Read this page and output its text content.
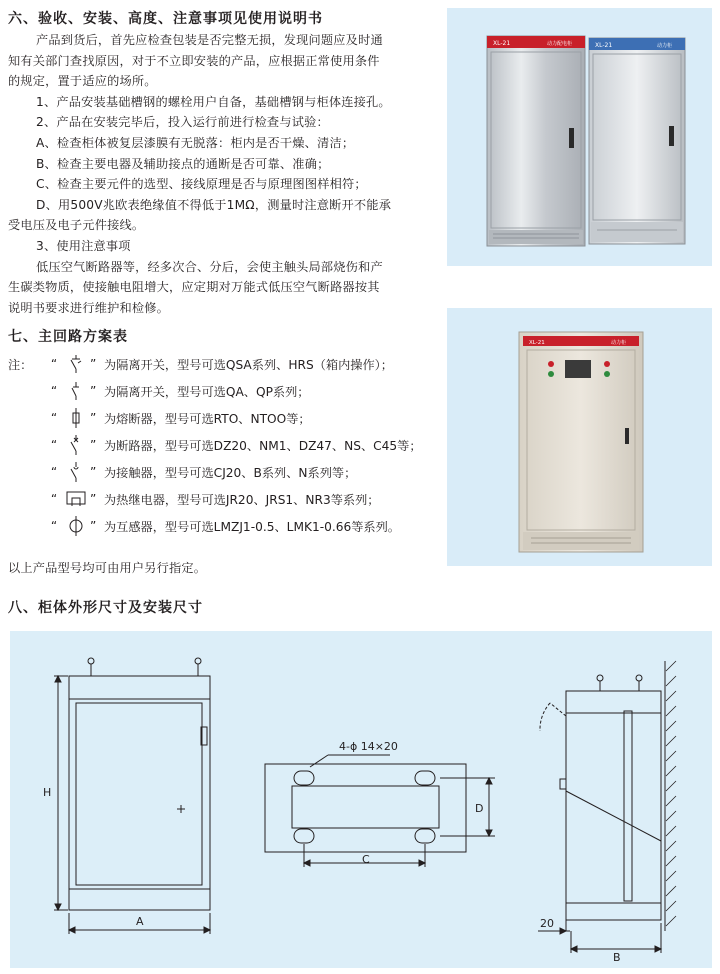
六、验收、安装、高度、注意事项见使用说明书

产品到货后，首先应检查包装是否完整无损，发现问题应及时通

知有关部门查找原因，对于不立即安装的产品，应根据正常使用条件

的规定，置于适应的场所。

1、产品安装基础槽钢的螺栓用户自备，基础槽钢与柜体连接孔。

2、产品在安装完毕后，投入运行前进行检查与试验：

A、检查柜体被复层漆膜有无脱落：柜内是否干燥、清洁；

B、检查主要电器及辅助接点的通断是否可靠、准确；

C、检查主要元件的选型、接线原理是否与原理图图样相符；

D、用500V兆欧表绝缘值不得低于1MΩ，测量时注意断开不能承

受电压及电子元件接线。

3、使用注意事项

低压空气断路器等，经多次合、分后，会使主触头局部烧伤和产

生碳类物质，使接触电阻增大，应定期对万能式低压空气断路器按其

说明书要求进行维护和检修。

XL-21	动力配电柜	XL-21	动力柜
XL-21	动力柜
七、主回路方案表
注：	“	” 为隔离开关，型号可选QSA系列、HRS（箱内操作）；
“	” 为隔离开关，型号可选QA、QP系列；
“	” 为熔断器，型号可选RTO、NTOO等；
“	” 为断路器，型号可选DZ20、NM1、DZ47、NS、C45等；
“	” 为接触器，型号可选CJ20、B系列、N系列等；
“	” 为热继电器，型号可选JR20、JRS1、NR3等系列；
“	” 为互感器，型号可选LMZJ1-0.5、LMK1-0.66等系列。
以上产品型号均可由用户另行指定。
八、柜体外形尺寸及安装尺寸
H
A
4-ϕ 14×20
D
C
20
B
